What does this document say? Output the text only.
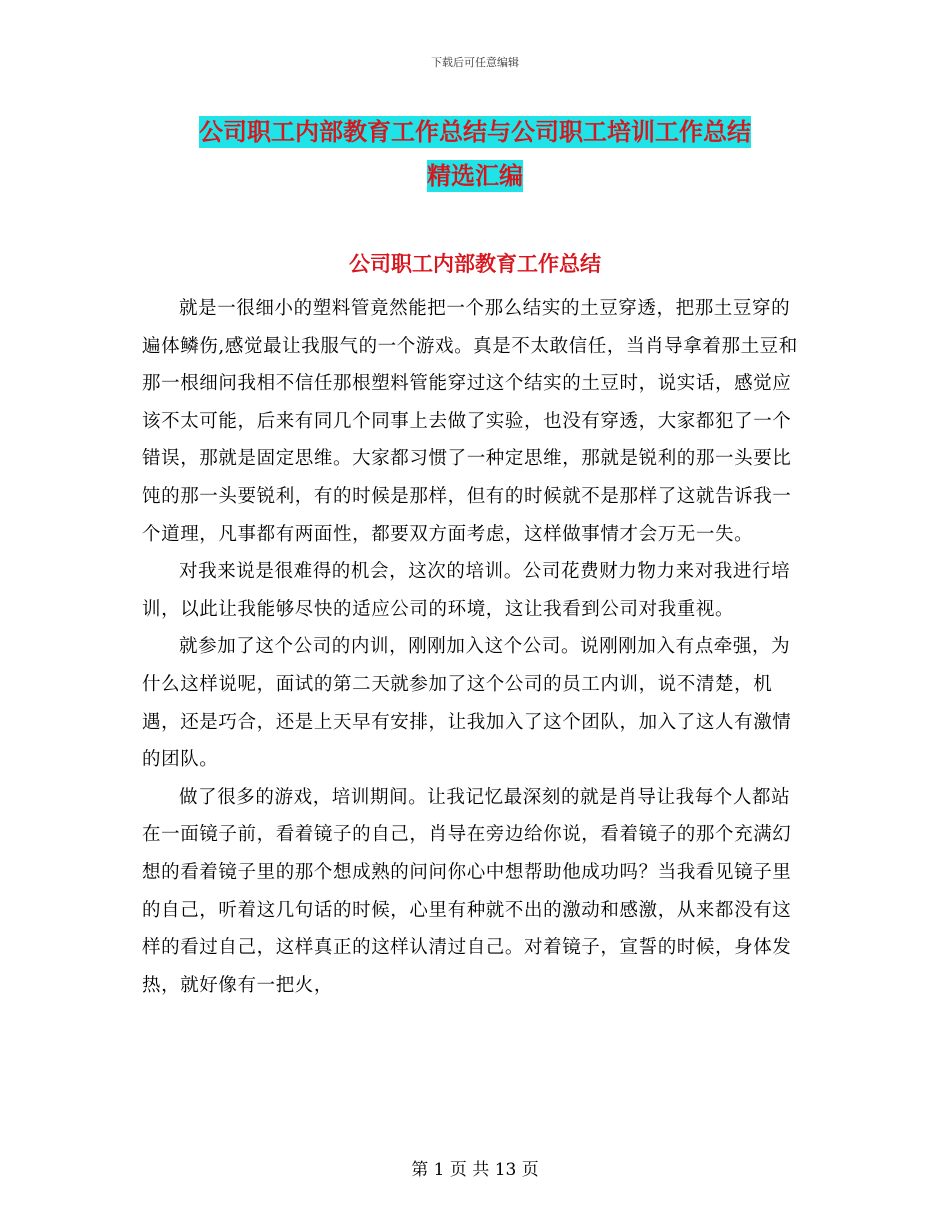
下载后可任意编辑
公司职工内部教育工作总结与公司职工培训工作总结
精选汇编
公司职工内部教育工作总结

就是一很细小的塑料管竟然能把一个那么结实的土豆穿透，把那土豆穿的遍体鳞伤,感觉最让我服气的一个游戏。真是不太敢信任，当肖导拿着那土豆和那一根细问我相不信任那根塑料管能穿过这个结实的土豆时，说实话，感觉应该不太可能，后来有同几个同事上去做了实验，也没有穿透，大家都犯了一个错误，那就是固定思维。大家都习惯了一种定思维，那就是锐利的那一头要比饨的那一头要锐利，有的时候是那样，但有的时候就不是那样了这就告诉我一个道理，凡事都有两面性，都要双方面考虑，这样做事情才会万无一失。

对我来说是很难得的机会，这次的培训。公司花费财力物力来对我进行培训，以此让我能够尽快的适应公司的环境，这让我看到公司对我重视。

就参加了这个公司的内训，刚刚加入这个公司。说刚刚加入有点牵强，为什么这样说呢，面试的第二天就参加了这个公司的员工内训，说不清楚，机遇，还是巧合，还是上天早有安排，让我加入了这个团队，加入了这人有激情的团队。

做了很多的游戏，培训期间。让我记忆最深刻的就是肖导让我每个人都站在一面镜子前，看着镜子的自己，肖导在旁边给你说，看着镜子的那个充满幻想的看着镜子里的那个想成熟的问问你心中想帮助他成功吗？当我看见镜子里的自己，听着这几句话的时候，心里有种就不出的激动和感激，从来都没有这样的看过自己，这样真正的这样认清过自己。对着镜子，宣誓的时候，身体发热，就好像有一把火，

第 1 页 共 13 页
